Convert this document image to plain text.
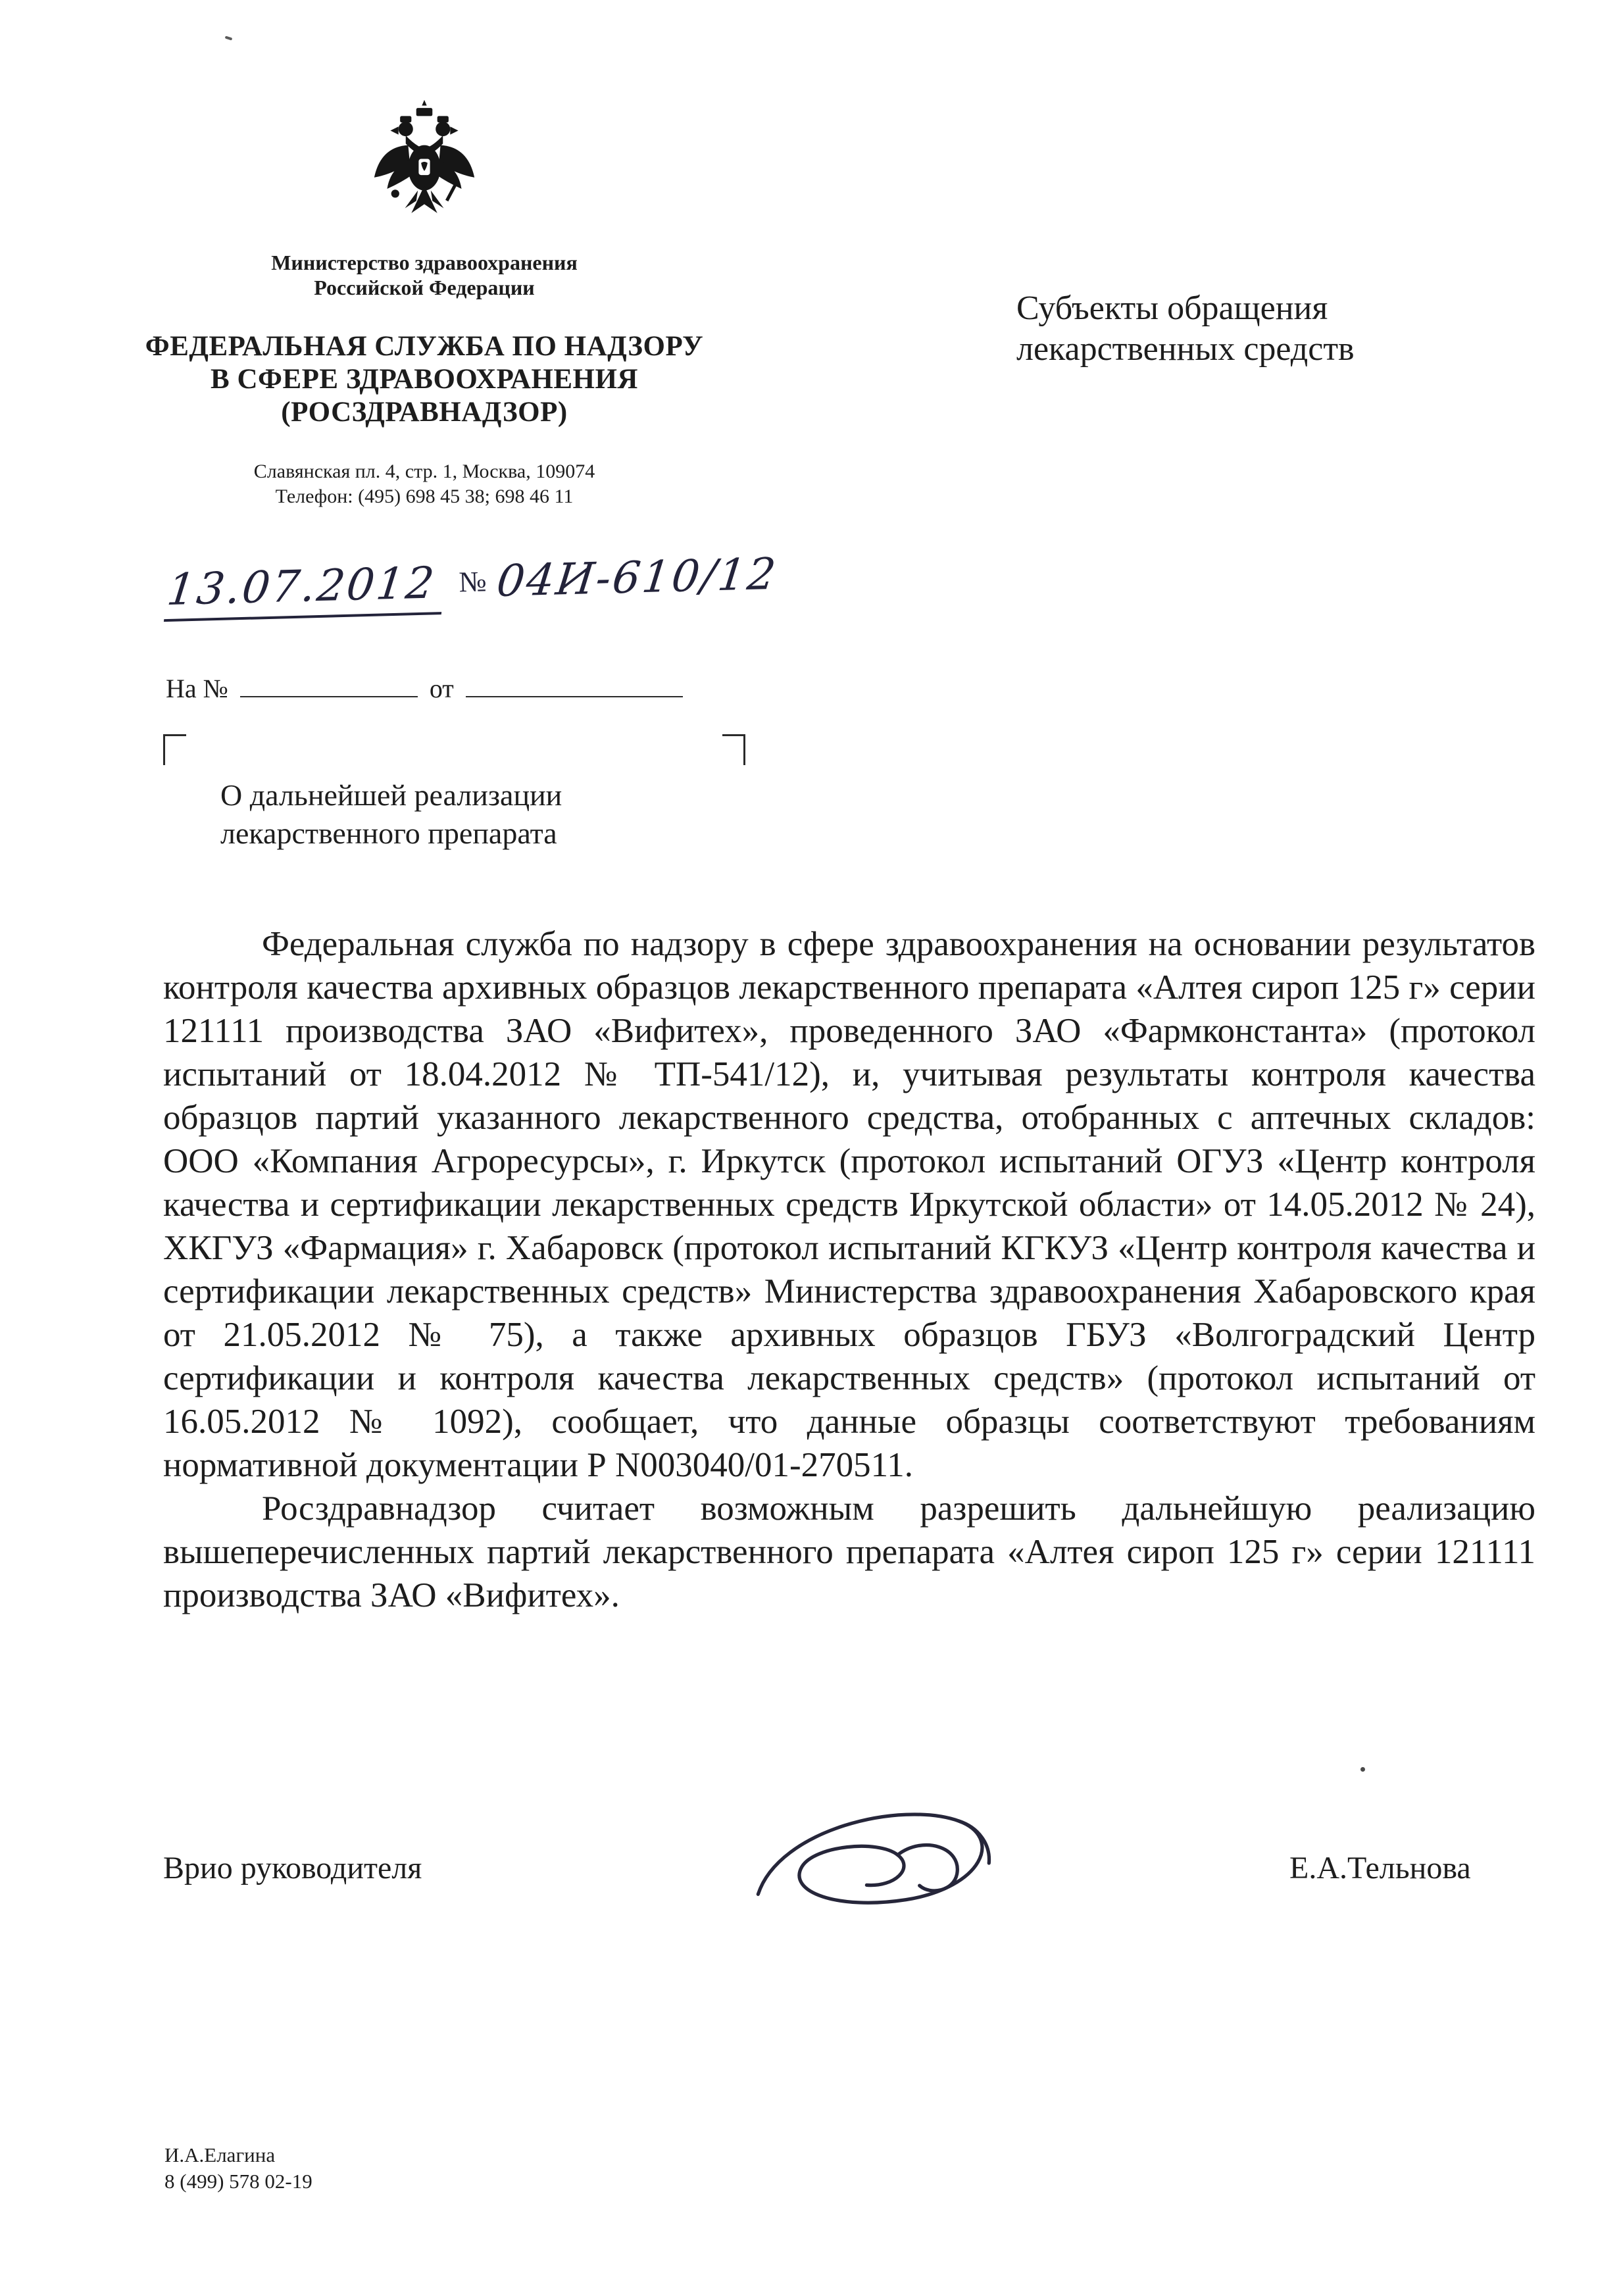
Министерство здравоохранения
Российской Федерации
ФЕДЕРАЛЬНАЯ СЛУЖБА ПО НАДЗОРУ
В СФЕРЕ ЗДРАВООХРАНЕНИЯ
(РОСЗДРАВНАДЗОР)
Славянская пл. 4, стр. 1, Москва, 109074
Телефон: (495) 698 45 38; 698 46 11
Субъекты обращения
лекарственных средств
13.07.2012 № 04И-610/12
На №	от
О дальнейшей реализации
лекарственного препарата

Федеральная служба по надзору в сфере здравоохранения на основании результатов контроля качества архивных образцов лекарственного препарата «Алтея сироп 125 г» серии 121111 производства ЗАО «Вифитех», проведенного ЗАО «Фармконстанта» (протокол испытаний от 18.04.2012 № ТП-541/12), и, учитывая результаты контроля качества образцов партий указанного лекарственного средства, отобранных с аптечных складов: ООО «Компания Агроресурсы», г. Иркутск (протокол испытаний ОГУЗ «Центр контроля качества и сертификации лекарственных средств Иркутской области» от 14.05.2012 № 24), ХКГУЗ «Фармация» г. Хабаровск (протокол испытаний КГКУЗ «Центр контроля качества и сертификации лекарственных средств» Министерства здравоохранения Хабаровского края от 21.05.2012 № 75), а также архивных образцов ГБУЗ «Волгоградский Центр сертификации и контроля качества лекарственных средств» (протокол испытаний от 16.05.2012 № 1092), сообщает, что данные образцы соответствуют требованиям нормативной документации Р N003040/01-270511.

Росздравнадзор считает возможным разрешить дальнейшую реализацию вышеперечисленных партий лекарственного препарата «Алтея сироп 125 г» серии 121111 производства ЗАО «Вифитех».

Врио руководителя	Е.А.Тельнова
И.А.Елагина
8 (499) 578 02-19
